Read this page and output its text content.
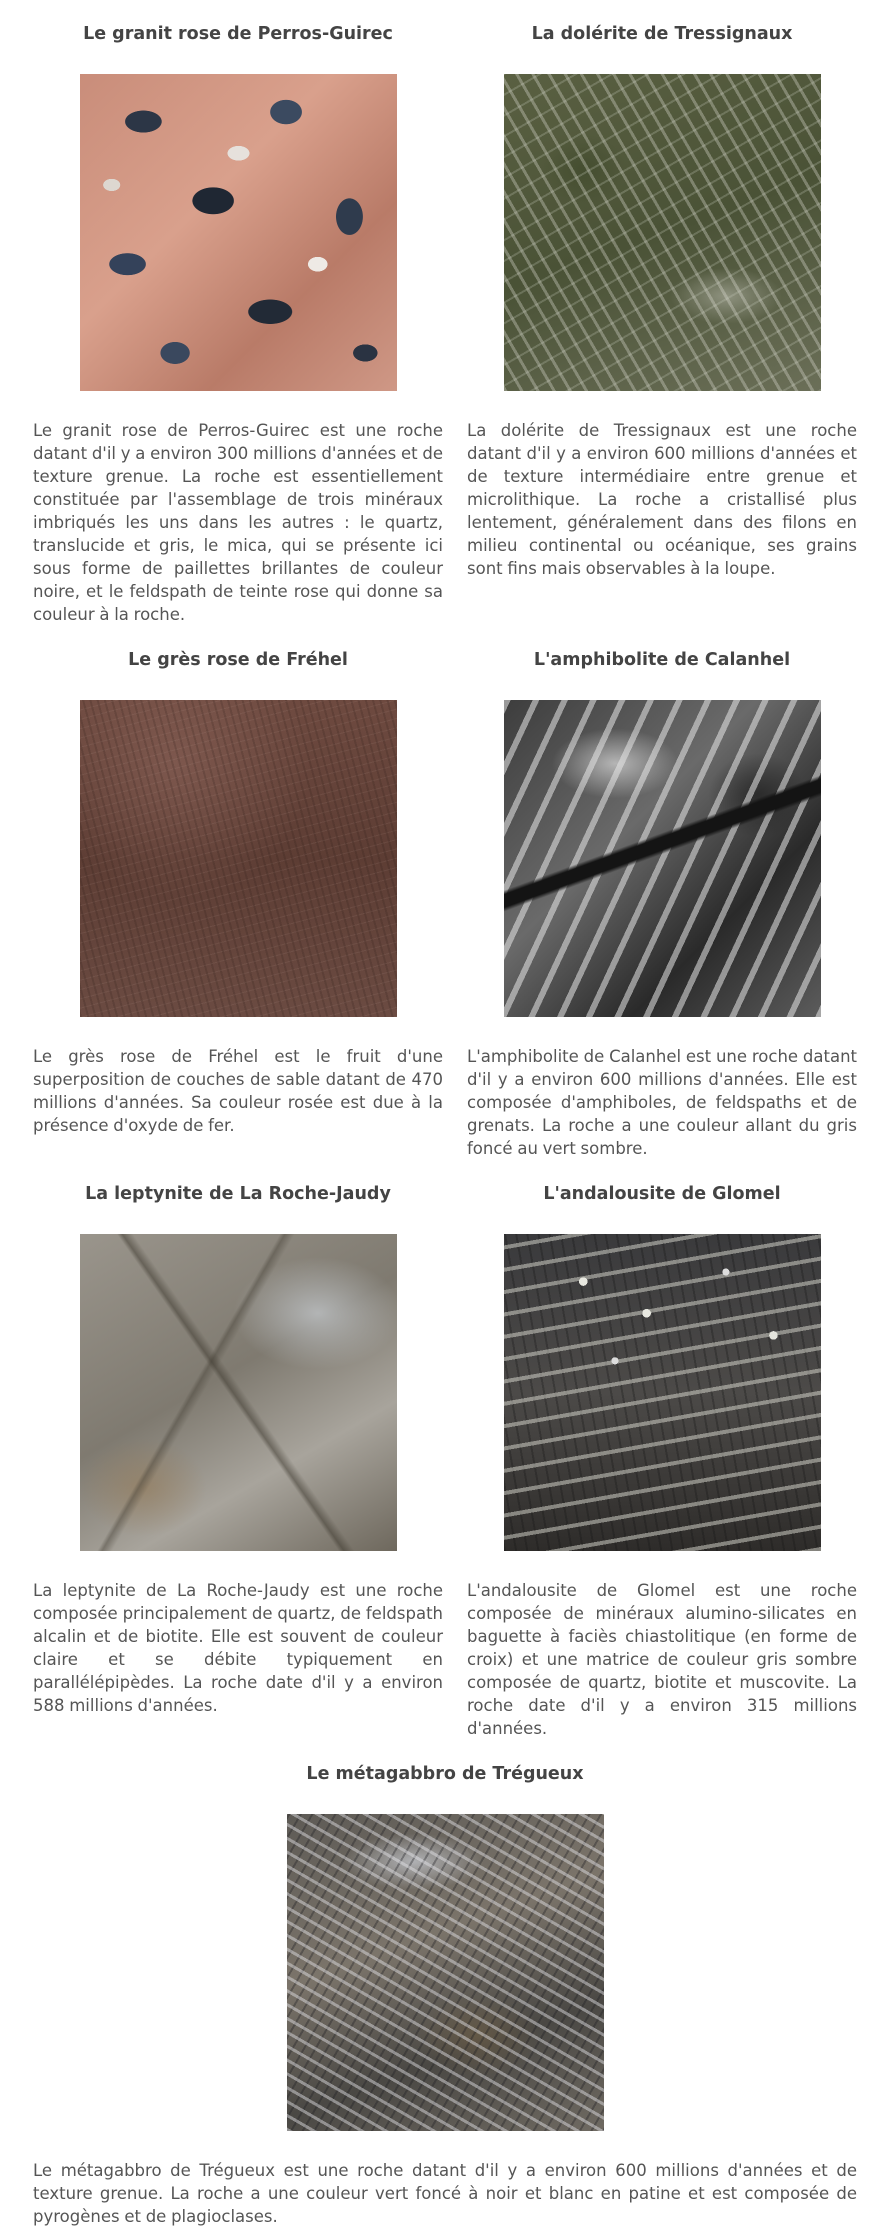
Le granit rose de Perros-Guirec

Le granit rose de Perros-Guirec est une roche datant d'il y a environ 300 millions d'années et de texture grenue. La roche est essentiellement constituée par l'assemblage de trois minéraux imbriqués les uns dans les autres : le quartz, translucide et gris, le mica, qui se présente ici sous forme de paillettes brillantes de couleur noire, et le feldspath de teinte rose qui donne sa couleur à la roche.

La dolérite de Tressignaux

La dolérite de Tressignaux est une roche datant d'il y a environ 600 millions d'années et de texture intermédiaire entre grenue et microlithique. La roche a cristallisé plus lentement, généralement dans des filons en milieu continental ou océanique, ses grains sont fins mais observables à la loupe.

Le grès rose de Fréhel

Le grès rose de Fréhel est le fruit d'une superposition de couches de sable datant de 470 millions d'années. Sa couleur rosée est due à la présence d'oxyde de fer.

L'amphibolite de Calanhel

L'amphibolite de Calanhel est une roche datant d'il y a environ 600 millions d'années. Elle est composée d'amphiboles, de feldspaths et de grenats. La roche a une couleur allant du gris foncé au vert sombre.

La leptynite de La Roche-Jaudy

La leptynite de La Roche-Jaudy est une roche composée principalement de quartz, de feldspath alcalin et de biotite. Elle est souvent de couleur claire et se débite typiquement en parallélépipèdes. La roche date d'il y a environ 588 millions d'années.

L'andalousite de Glomel

L'andalousite de Glomel est une roche composée de minéraux alumino-silicates en baguette à faciès chiastolitique (en forme de croix) et une matrice de couleur gris sombre composée de quartz, biotite et muscovite. La roche date d'il y a environ 315 millions d'années.

Le métagabbro de Trégueux

Le métagabbro de Trégueux est une roche datant d'il y a environ 600 millions d'années et de texture grenue. La roche a une couleur vert foncé à noir et blanc en patine et est composée de pyrogènes et de plagioclases.
